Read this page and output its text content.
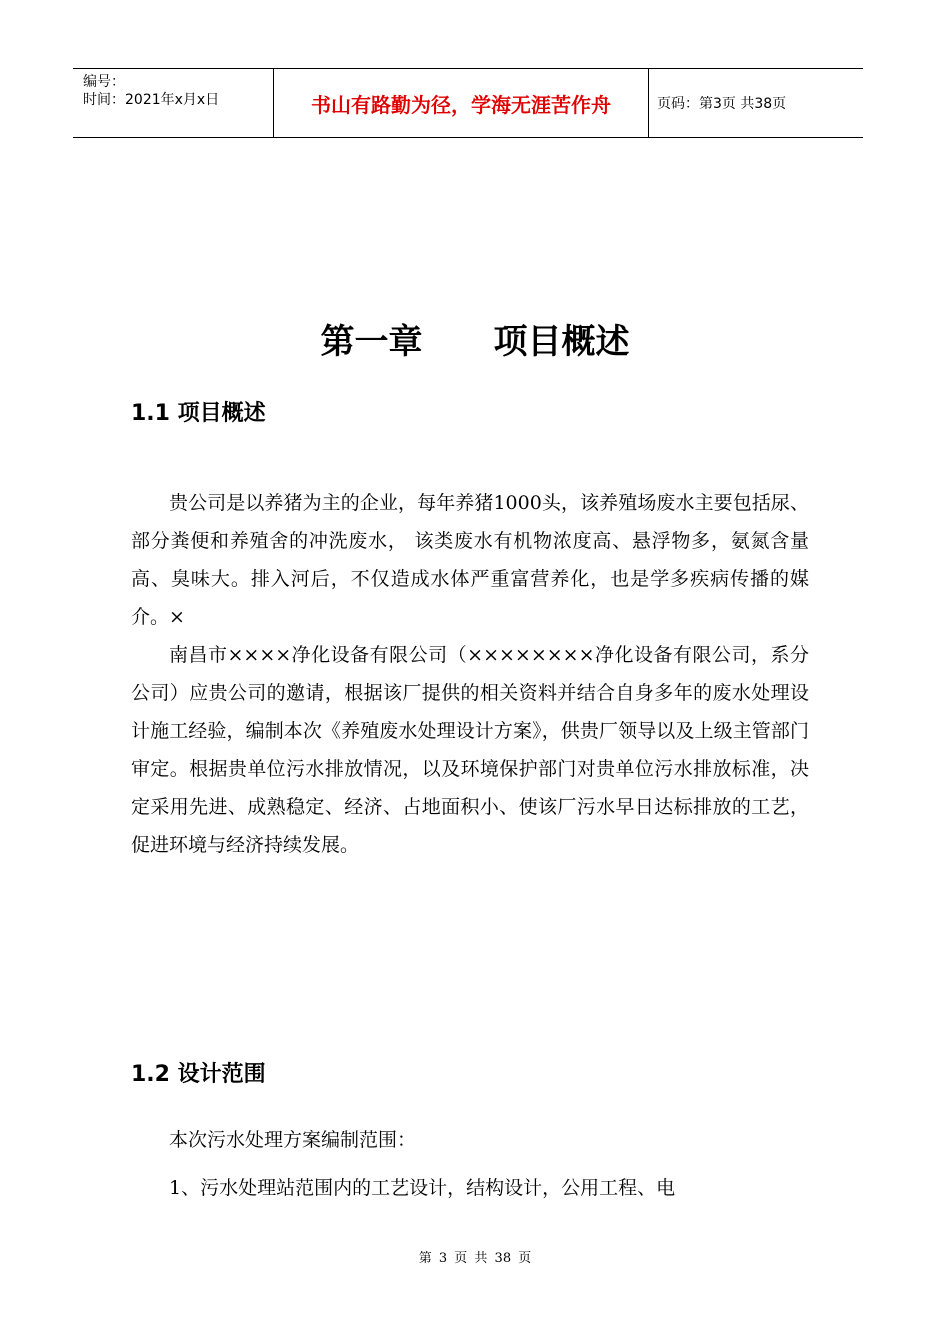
编号：
时间：2021年x月x日	书山有路勤为径，学海无涯苦作舟	页码：第3页 共38页
第一章      项目概述
1.1 项目概述

贵公司是以养猪为主的企业，每年养猪1000头，该养殖场废水主要包括尿、部分粪便和养殖舍的冲洗废水， 该类废水有机物浓度高、悬浮物多，氨氮含量高、臭味大。排入河后，不仅造成水体严重富营养化，也是学多疾病传播的媒介。×

南昌市××××净化设备有限公司（××××××××净化设备有限公司，系分公司）应贵公司的邀请，根据该厂提供的相关资料并结合自身多年的废水处理设计施工经验，编制本次《养殖废水处理设计方案》，供贵厂领导以及上级主管部门审定。根据贵单位污水排放情况，以及环境保护部门对贵单位污水排放标准，决定采用先进、成熟稳定、经济、占地面积小、使该厂污水早日达标排放的工艺，促进环境与经济持续发展。

1.2 设计范围

本次污水处理方案编制范围：

1、污水处理站范围内的工艺设计，结构设计，公用工程、电

第 3 页 共 38 页
